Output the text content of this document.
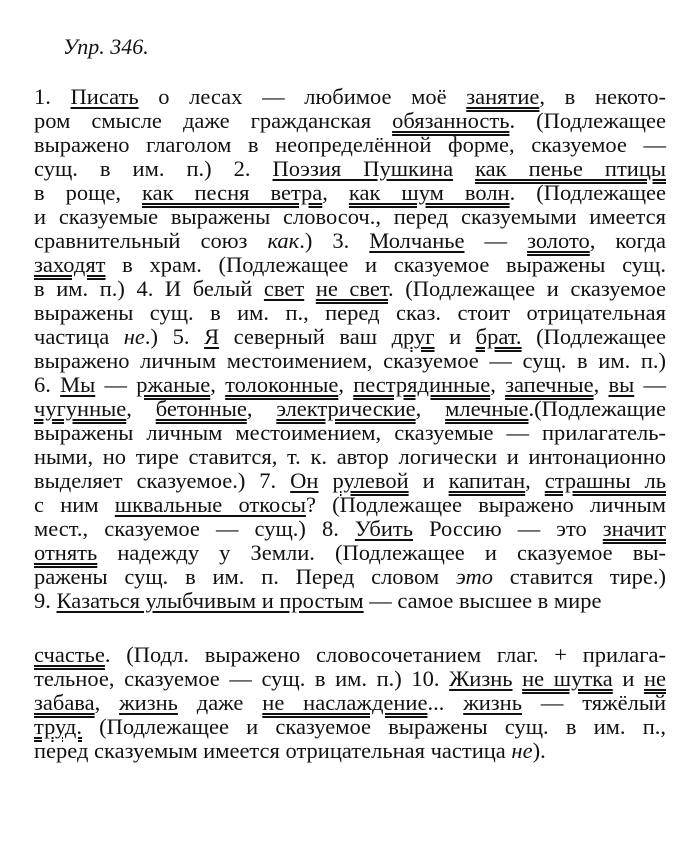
Упр. 346.
1. Писать о лесах — любимое моё занятие, в некото-
ром смысле даже гражданская обязанность. (Подлежащее
выражено глаголом в неопределённой форме, сказуемое —
сущ. в им. п.) 2. Поэзия Пушкина как пенье птицы
в роще, как песня ветра, как шум волн. (Подлежащее
и сказуемые выражены словосоч., перед сказуемыми имеется
сравнительный союз как.) 3. Молчанье — золото, когда
заходят в храм. (Подлежащее и сказуемое выражены сущ.
в им. п.) 4. И белый свет не свет. (Подлежащее и сказуемое
выражены сущ. в им. п., перед сказ. стоит отрицательная
частица не.) 5. Я северный ваш друг и брат. (Подлежащее
выражено личным местоимением, сказуемое — сущ. в им. п.)
6. Мы — ржаные, толоконные, пестрядинные, запечные, вы —
чугунные, бетонные, электрические, млечные.(Подлежащие
выражены личным местоимением, сказуемые — прилагатель-
ными, но тире ставится, т. к. автор логически и интонационно
выделяет сказуемое.) 7. Он рулевой и капитан, страшны ль
с ним шквальные откосы? (Подлежащее выражено личным
мест., сказуемое — сущ.) 8. Убить Россию — это значит
отнять надежду у Земли. (Подлежащее и сказуемое вы-
ражены сущ. в им. п. Перед словом это ставится тире.)
9. Казаться улыбчивым и простым — самое высшее в мире
счастье. (Подл. выражено словосочетанием глаг. + прилага-
тельное, сказуемое — сущ. в им. п.) 10. Жизнь не шутка и не
забава, жизнь даже не наслаждение... жизнь — тяжёлый
труд. (Подлежащее и сказуемое выражены сущ. в им. п.,
перед сказуемым имеется отрицательная частица не).
